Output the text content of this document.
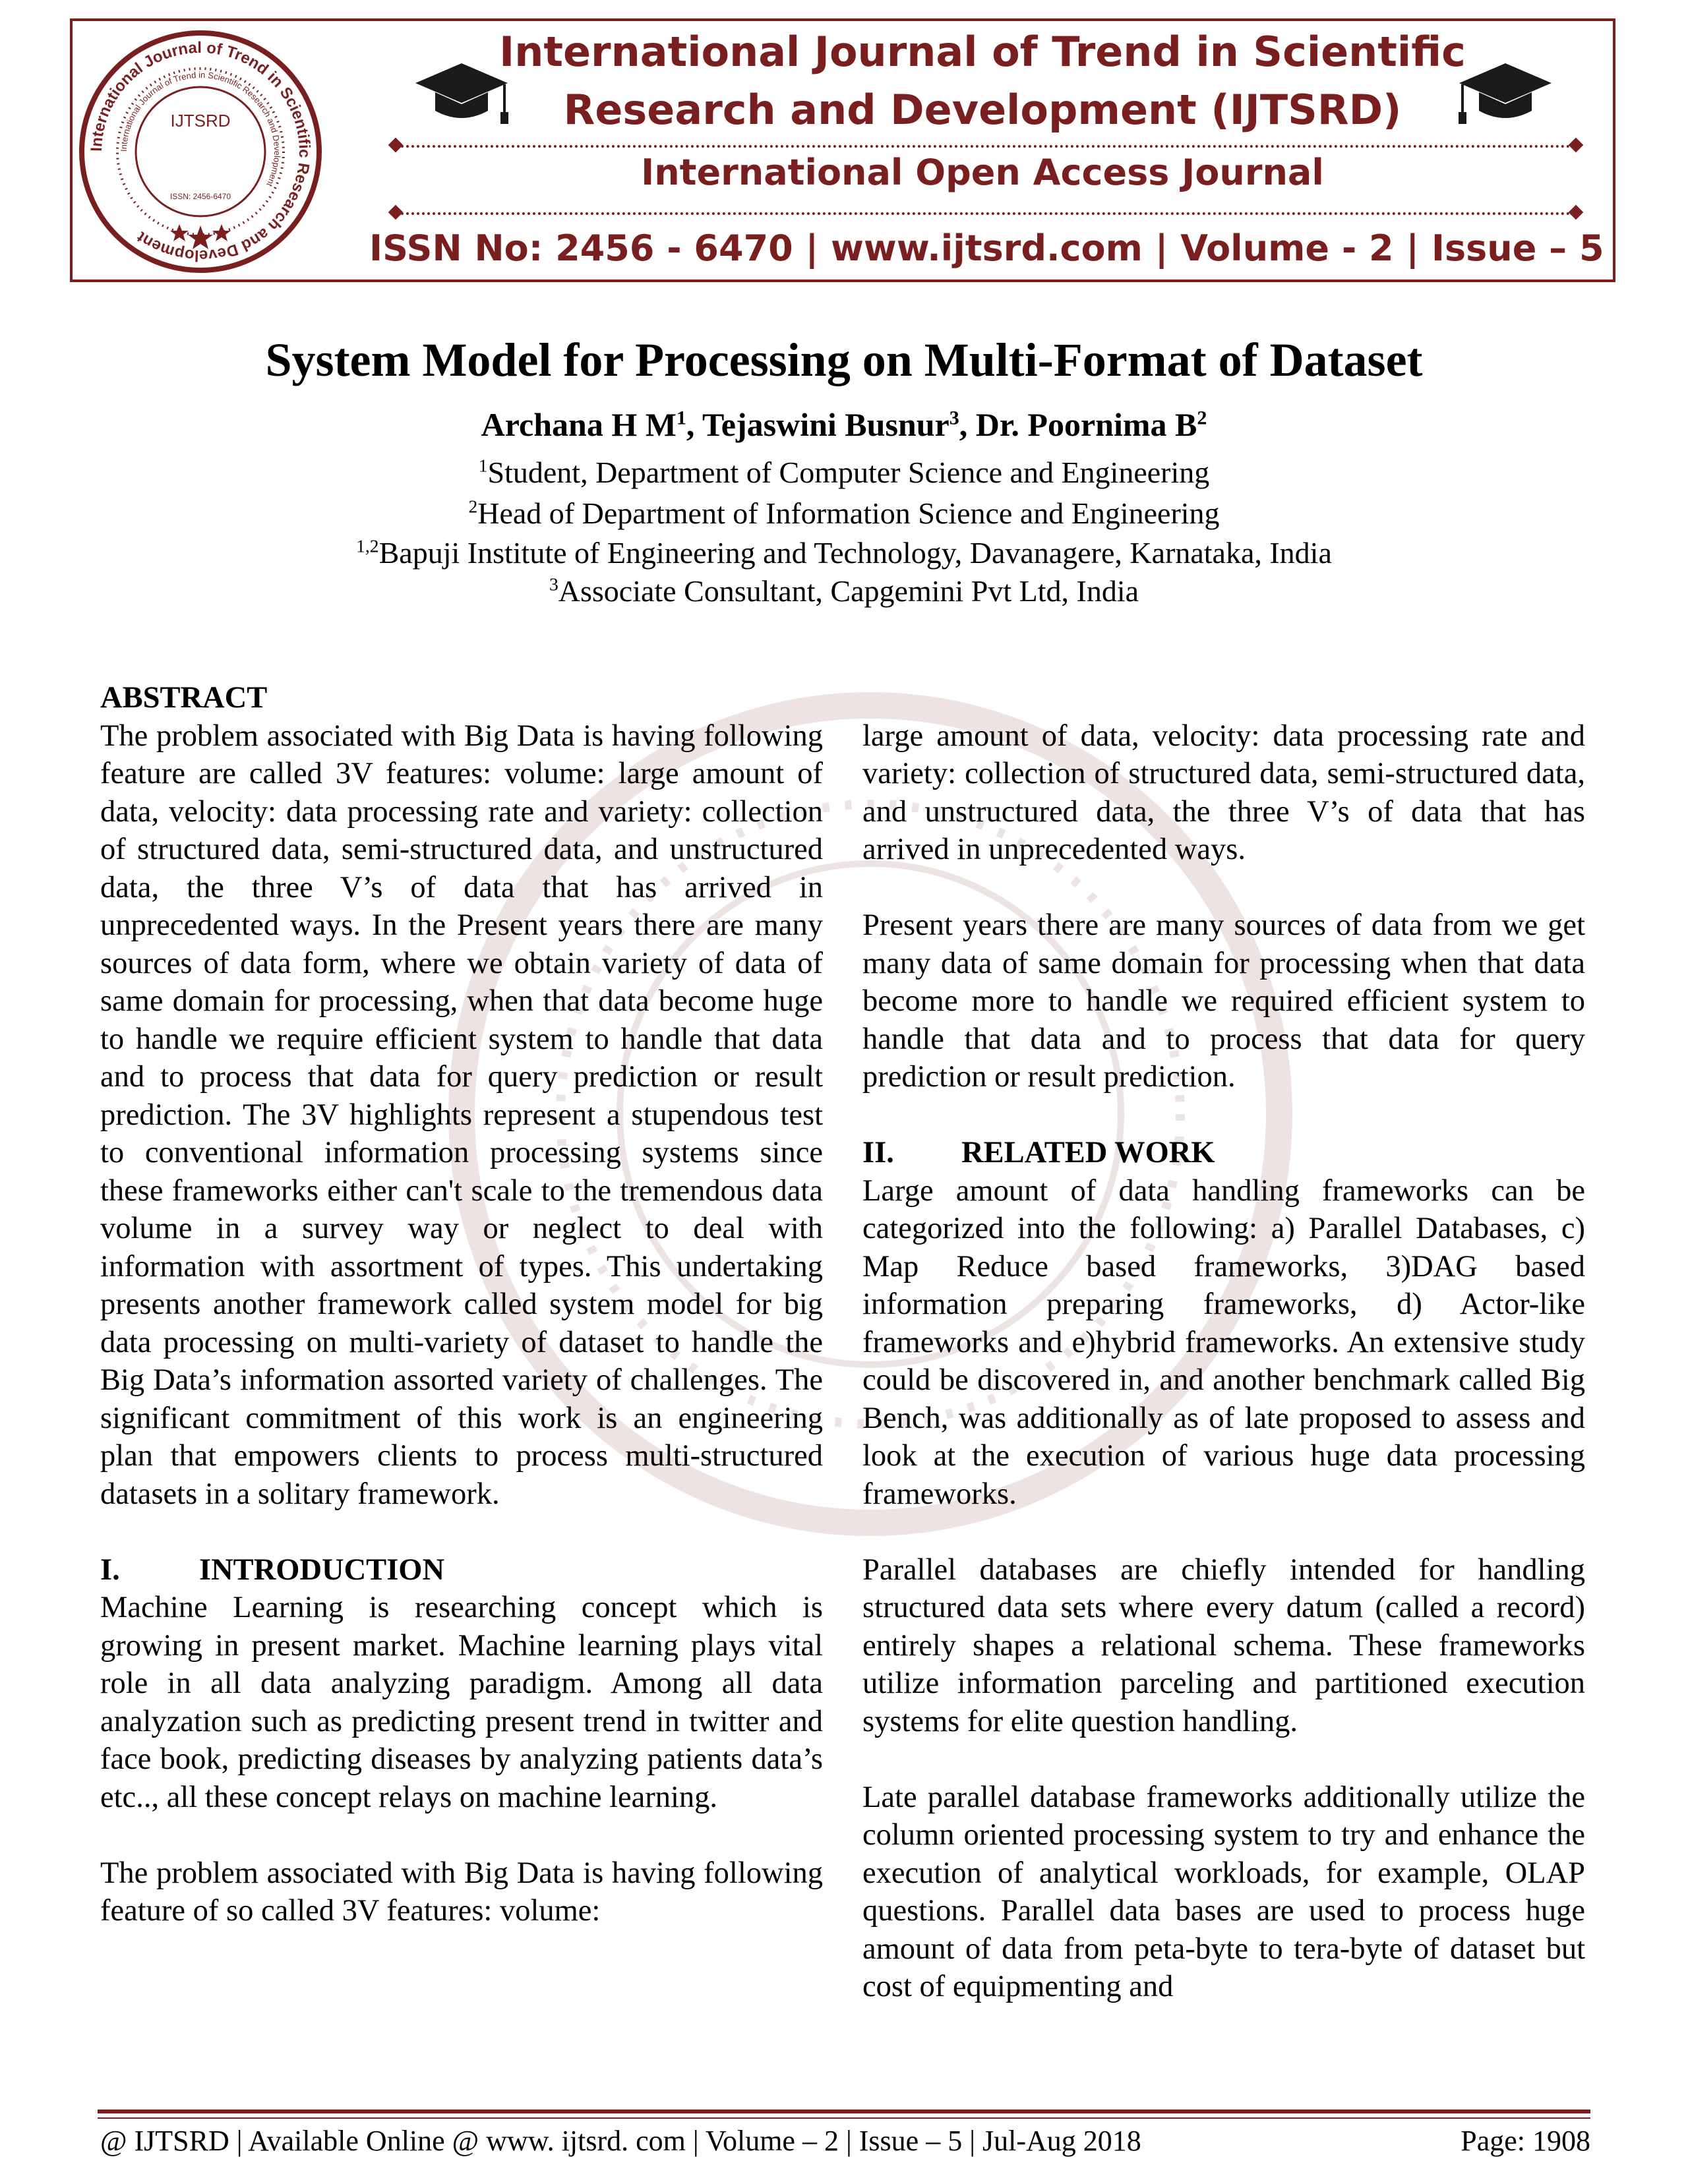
International Journal of Trend in Scientific Research and Development
International Journal of Trend in Scientific Research and Development
IJTSRD
ISSN: 2456-6470
International Journal of Trend in Scientific
Research and Development (IJTSRD)
International Open Access Journal
ISSN No: 2456 - 6470 | www.ijtsrd.com | Volume - 2 | Issue – 5
System Model for Processing on Multi-Format of Dataset
Archana H $M^1$, Tejaswini Busnur$^3$, Dr. Poornima $B^2$
$^1$Student, Department of Computer Science and Engineering
$^2$Head of Department of Information Science and Engineering
$^{1,2}$Bapuji Institute of Engineering and Technology, Davanagere, Karnataka, India
$^3$Associate Consultant, Capgemini Pvt Ltd, India
ABSTRACT

The problem associated with Big Data is having following feature are called 3V features: volume: large amount of data, velocity: data processing rate and variety: collection of structured data, semi-structured data, and unstructured data, the three V’s of data that has arrived in unprecedented ways. In the Present years there are many sources of data form, where we obtain variety of data of same domain for processing, when that data become huge to handle we require efficient system to handle that data and to process that data for query prediction or result prediction. The 3V highlights represent a stupendous test to conventional information processing systems since these frameworks either can't scale to the tremendous data volume in a survey way or neglect to deal with information with assortment of types. This undertaking presents another framework called system model for big data processing on multi-variety of dataset to handle the Big Data’s information assorted variety of challenges. The significant commitment of this work is an engineering plan that empowers clients to process multi-structured datasets in a solitary framework.

I.	INTRODUCTION

Machine Learning is researching concept which is growing in present market. Machine learning plays vital role in all data analyzing paradigm. Among all data analyzation such as predicting present trend in twitter and face book, predicting diseases by analyzing patients data’s etc.., all these concept relays on machine learning.

The problem associated with Big Data is having following feature of so called 3V features: volume:

large amount of data, velocity: data processing rate and variety: collection of structured data, semi-structured data, and unstructured data, the three V’s of data that has arrived in unprecedented ways.

Present years there are many sources of data from we get many data of same domain for processing when that data become more to handle we required efficient system to handle that data and to process that data for query prediction or result prediction.

II. RELATED WORK

Large amount of data handling frameworks can be categorized into the following: a) Parallel Databases, c) Map Reduce based frameworks, 3)DAG based information preparing frameworks, d) Actor-like frameworks and e)hybrid frameworks. An extensive study could be discovered in, and another benchmark called Big Bench, was additionally as of late proposed to assess and look at the execution of various huge data processing frameworks.

Parallel databases are chiefly intended for handling structured data sets where every datum (called a record) entirely shapes a relational schema. These frameworks utilize information parceling and partitioned execution systems for elite question handling.

Late parallel database frameworks additionally utilize the column oriented processing system to try and enhance the execution of analytical workloads, for example, OLAP questions. Parallel data bases are used to process huge amount of data from peta-byte to tera-byte of dataset but cost of equipmenting and

@ IJTSRD | Available Online @ www. ijtsrd. com | Volume – 2 | Issue – 5 | Jul-Aug 2018	Page: 1908
